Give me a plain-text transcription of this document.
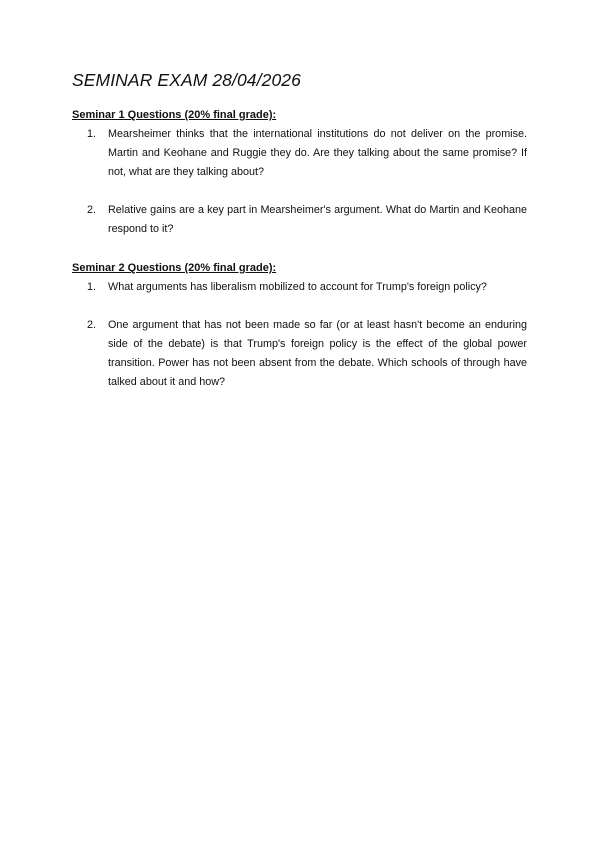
SEMINAR EXAM 28/04/2026
Seminar 1 Questions (20% final grade):
1. Mearsheimer thinks that the international institutions do not deliver on the promise. Martin and Keohane and Ruggie they do. Are they talking about the same promise? If not, what are they talking about?
2. Relative gains are a key part in Mearsheimer's argument. What do Martin and Keohane respond to it?
Seminar 2 Questions (20% final grade):
1. What arguments has liberalism mobilized to account for Trump's foreign policy?
2. One argument that has not been made so far (or at least hasn't become an enduring side of the debate) is that Trump's foreign policy is the effect of the global power transition. Power has not been absent from the debate. Which schools of through have talked about it and how?
